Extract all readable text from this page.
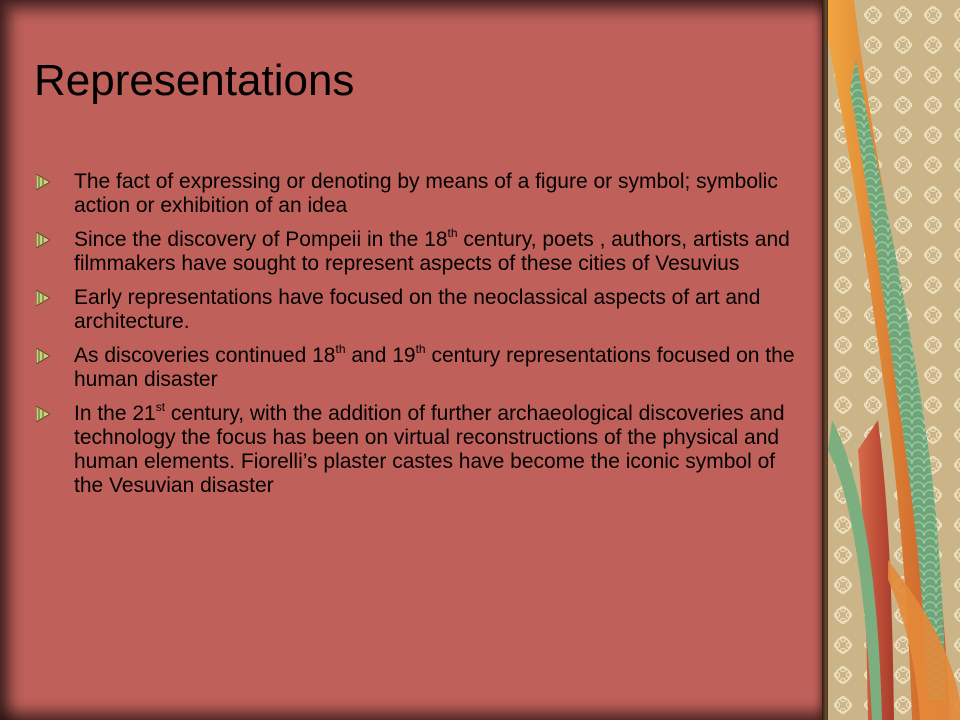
Representations
The fact of expressing or denoting by means of a figure or symbol; symbolic action or exhibition of an idea
Since the discovery of Pompeii in the 18th century, poets , authors, artists and filmmakers have sought to represent aspects of these cities of Vesuvius
Early representations have focused on the neoclassical aspects of art and architecture.
As discoveries continued 18th and 19th century representations focused on the human disaster
In the 21st century, with the addition of further archaeological discoveries and technology the focus has been on virtual reconstructions of the physical and human elements. Fiorelli’s plaster castes have become the iconic symbol of the Vesuvian disaster
